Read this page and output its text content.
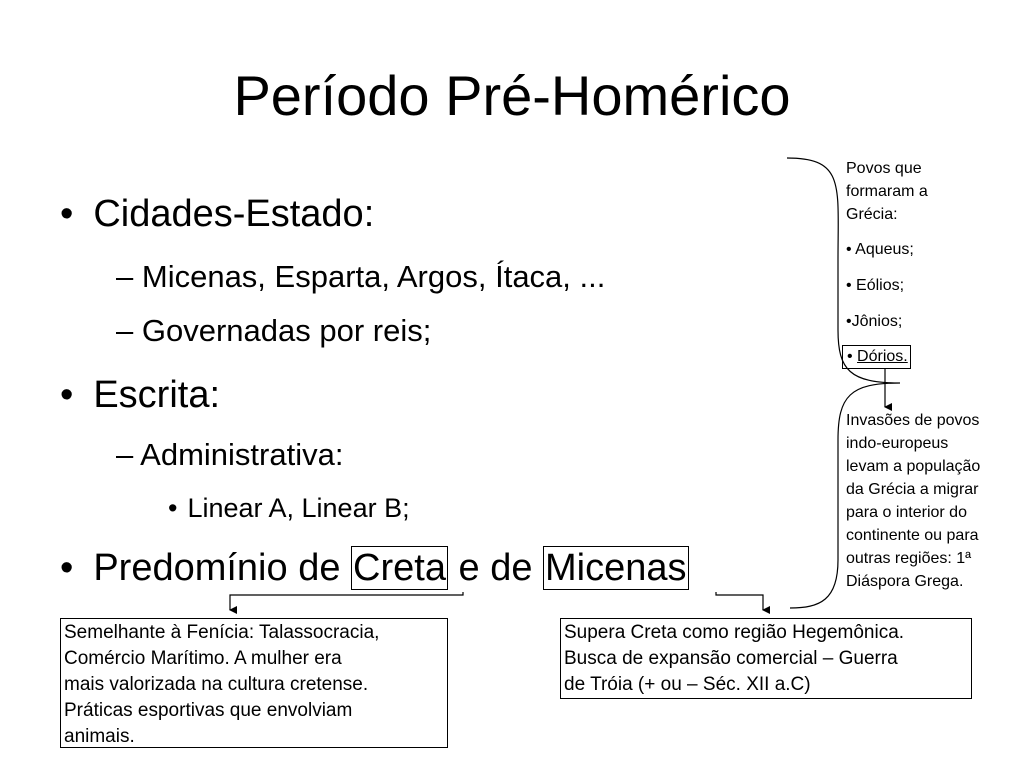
Período Pré-Homérico
• Cidades-Estado:
– Micenas, Esparta, Argos, Ítaca, ...
– Governadas por reis;
• Escrita:
– Administrativa:
• Linear A, Linear B;
• Predomínio de Creta e de Micenas
Povos que
formaram a
Grécia:
• Aqueus;
• Eólios;
•Jônios;
• Dórios.
Invasões de povos
indo-europeus
levam a população
da Grécia a migrar
para o interior do
continente ou para
outras regiões: 1ª
Diáspora Grega.
Semelhante à Fenícia: Talassocracia,
Comércio Marítimo. A mulher era
mais valorizada na cultura cretense.
Práticas esportivas que envolviam
animais.
Supera Creta como região Hegemônica.
Busca de expansão comercial – Guerra
de Tróia (+ ou – Séc. XII a.C)
